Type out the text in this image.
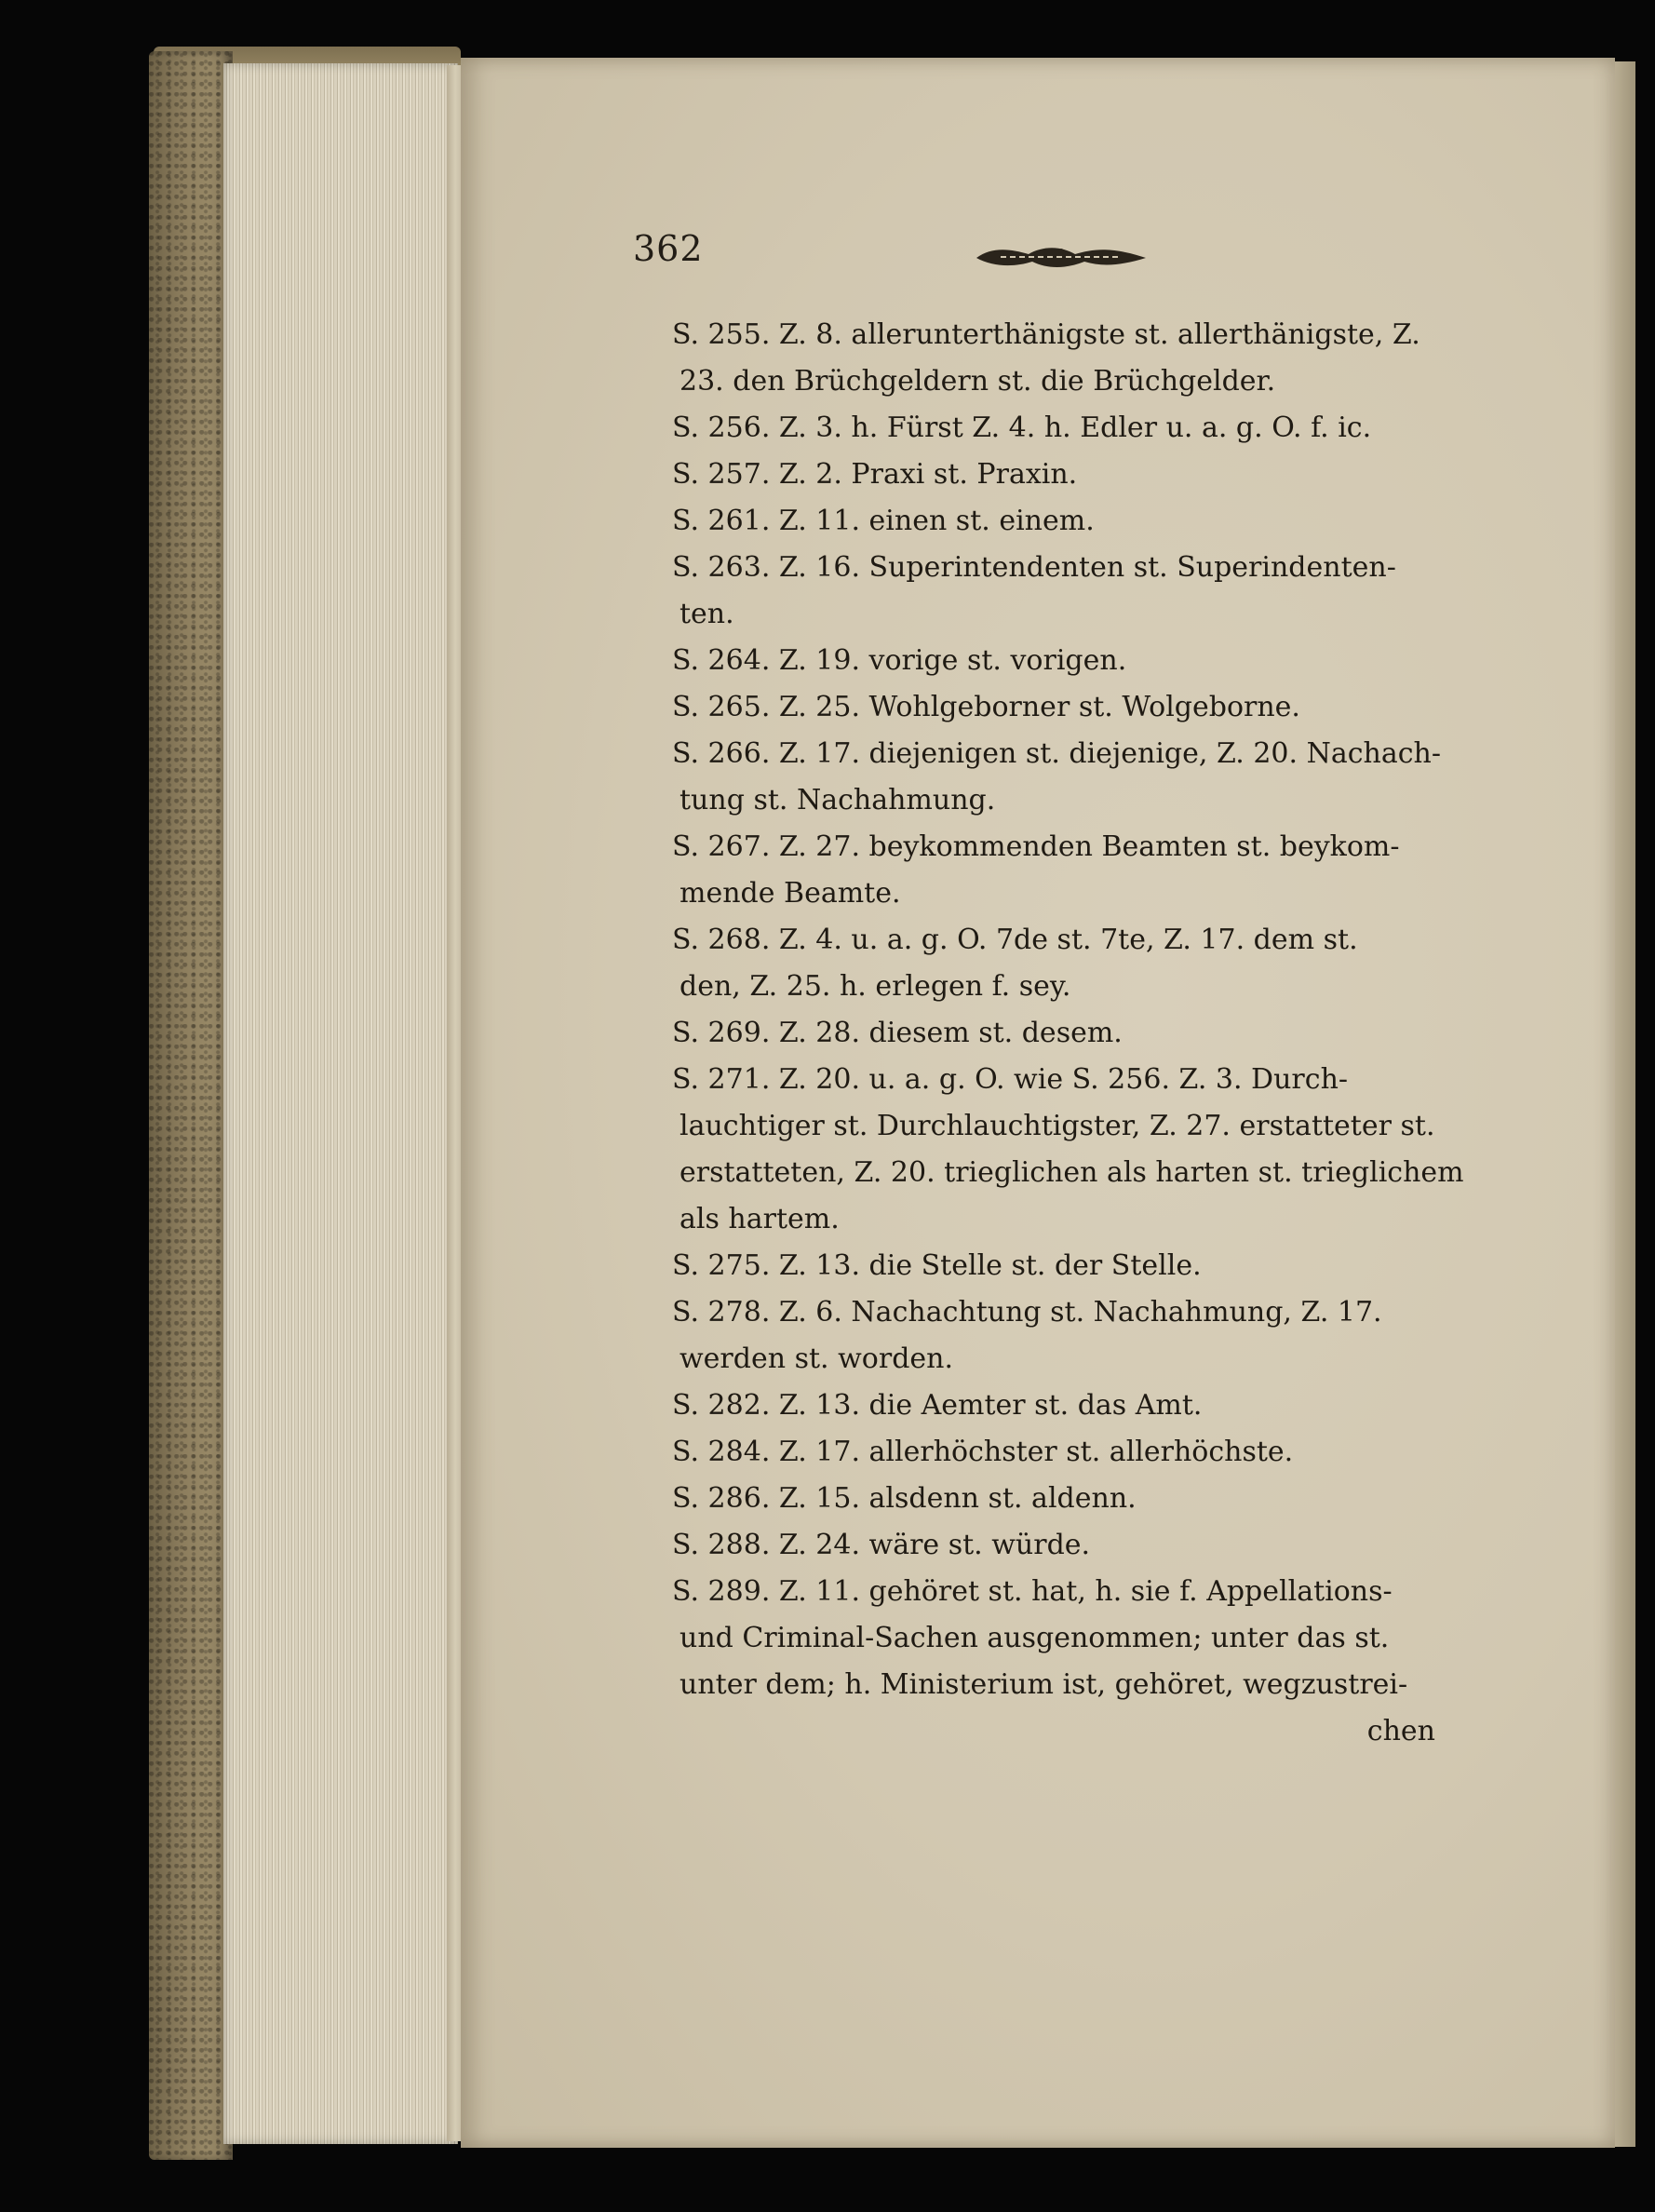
362
S. 255. Z. 8. allerunterthänigste st. allerthänigste, Z.
23. den Brüchgeldern st. die Brüchgelder.
S. 256. Z. 3. h. Fürst Z. 4. h. Edler u. a. g. O. f. ic.
S. 257. Z. 2. Praxi st. Praxin.
S. 261. Z. 11. einen st. einem.
S. 263. Z. 16. Superintendenten st. Superindenten-
ten.
S. 264. Z. 19. vorige st. vorigen.
S. 265. Z. 25. Wohlgeborner st. Wolgeborne.
S. 266. Z. 17. diejenigen st. diejenige, Z. 20. Nachach-
tung st. Nachahmung.
S. 267. Z. 27. beykommenden Beamten st. beykom-
mende Beamte.
S. 268. Z. 4. u. a. g. O. 7de st. 7te, Z. 17. dem st.
den, Z. 25. h. erlegen f. sey.
S. 269. Z. 28. diesem st. desem.
S. 271. Z. 20. u. a. g. O. wie S. 256. Z. 3. Durch-
lauchtiger st. Durchlauchtigster, Z. 27. erstatteter st.
erstatteten, Z. 20. trieglichen als harten st. trieglichem
als hartem.
S. 275. Z. 13. die Stelle st. der Stelle.
S. 278. Z. 6. Nachachtung st. Nachahmung, Z. 17.
werden st. worden.
S. 282. Z. 13. die Aemter st. das Amt.
S. 284. Z. 17. allerhöchster st. allerhöchste.
S. 286. Z. 15. alsdenn st. aldenn.
S. 288. Z. 24. wäre st. würde.
S. 289. Z. 11. gehöret st. hat, h. sie f. Appellations-
und Criminal-Sachen ausgenommen; unter das st.
unter dem; h. Ministerium ist, gehöret, wegzustrei-
chen
